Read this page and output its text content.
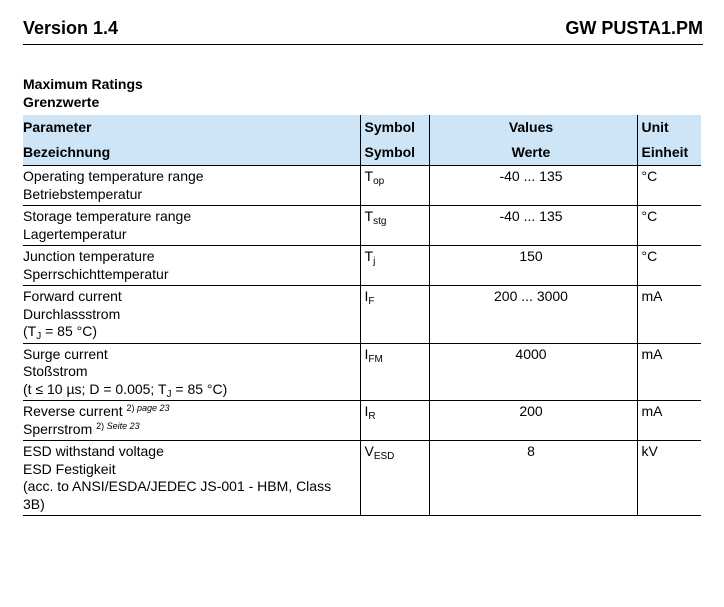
Version 1.4	GW PUSTA1.PM
Maximum Ratings
Grenzwerte
Parameter	Symbol	Values	Unit
Bezeichnung	Symbol	Werte	Einheit

Operating temperature range
Betriebstemperatur	$T_{op}$	-40 ... 135	°C

Storage temperature range
Lagertemperatur	$T_{stg}$	-40 ... 135	°C

Junction temperature
Sperrschichttemperatur	$T_j$	150	°C

Forward current
Durchlassstrom
($T_J = 85$ °C)	$I_F$	200 ... 3000	mA

Surge current
Stoßstrom
(t ≤ 10 µs; D = 0.005; $T_J = 85$ °C)	$I_{FM}$	4000	mA

Reverse current $^{2) page 23}$
Sperrstrom $^{2) Seite 23}$	$I_R$	200	mA

ESD withstand voltage
ESD Festigkeit
(acc. to ANSI/ESDA/JEDEC JS-001 - HBM, Class 3B)	$V_{ESD}$	8	kV
